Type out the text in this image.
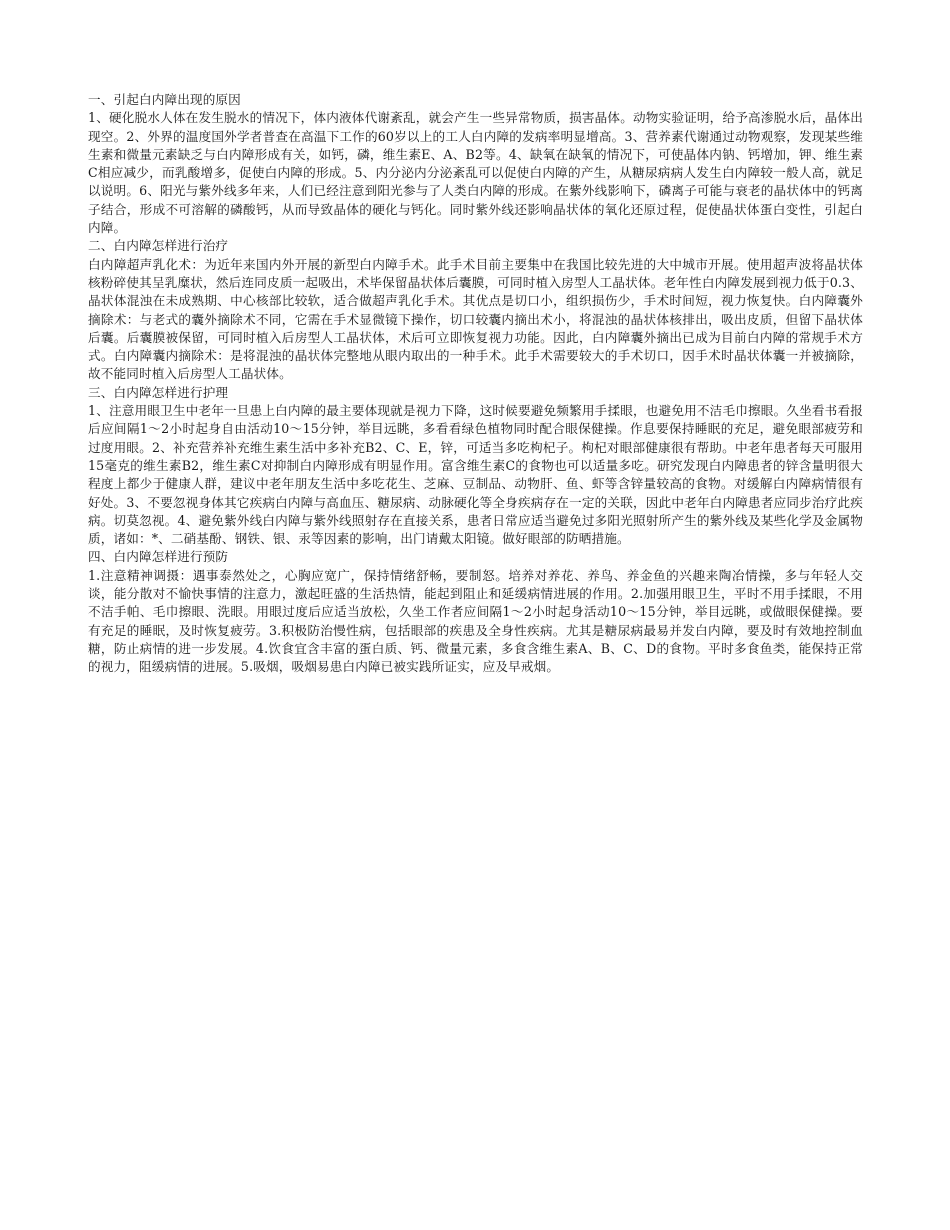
一、引起白内障出现的原因
1、硬化脱水人体在发生脱水的情况下，体内液体代谢紊乱，就会产生一些异常物质，损害晶体。动物实验证明，给予高渗脱水后，晶体出现空。2、外界的温度国外学者普查在高温下工作的60岁以上的工人白内障的发病率明显增高。3、营养素代谢通过动物观察，发现某些维生素和微量元素缺乏与白内障形成有关，如钙，磷，维生素E、A、B2等。4、缺氧在缺氧的情况下，可使晶体内钠、钙增加，钾、维生素C相应减少，而乳酸增多，促使白内障的形成。5、内分泌内分泌紊乱可以促使白内障的产生，从糖尿病病人发生白内障较一般人高，就足以说明。6、阳光与紫外线多年来，人们已经注意到阳光参与了人类白内障的形成。在紫外线影响下，磷离子可能与衰老的晶状体中的钙离子结合，形成不可溶解的磷酸钙，从而导致晶体的硬化与钙化。同时紫外线还影响晶状体的氧化还原过程，促使晶状体蛋白变性，引起白内障。
二、白内障怎样进行治疗
白内障超声乳化术：为近年来国内外开展的新型白内障手术。此手术目前主要集中在我国比较先进的大中城市开展。使用超声波将晶状体核粉碎使其呈乳糜状，然后连同皮质一起吸出，术毕保留晶状体后囊膜，可同时植入房型人工晶状体。老年性白内障发展到视力低于0.3、晶状体混浊在未成熟期、中心核部比较软，适合做超声乳化手术。其优点是切口小，组织损伤少，手术时间短，视力恢复快。白内障囊外摘除术：与老式的囊外摘除术不同，它需在手术显微镜下操作，切口较囊内摘出术小，将混浊的晶状体核排出，吸出皮质，但留下晶状体后囊。后囊膜被保留，可同时植入后房型人工晶状体，术后可立即恢复视力功能。因此，白内障囊外摘出已成为目前白内障的常规手术方式。白内障囊内摘除术：是将混浊的晶状体完整地从眼内取出的一种手术。此手术需要较大的手术切口，因手术时晶状体囊一并被摘除，故不能同时植入后房型人工晶状体。
三、白内障怎样进行护理
1、注意用眼卫生中老年一旦患上白内障的最主要体现就是视力下降，这时候要避免频繁用手揉眼，也避免用不洁毛巾擦眼。久坐看书看报后应间隔1～2小时起身自由活动10～15分钟，举目远眺，多看看绿色植物同时配合眼保健操。作息要保持睡眠的充足，避免眼部疲劳和过度用眼。2、补充营养补充维生素生活中多补充B2、C、E，锌，可适当多吃枸杞子。枸杞对眼部健康很有帮助。中老年患者每天可服用15毫克的维生素B2，维生素C对抑制白内障形成有明显作用。富含维生素C的食物也可以适量多吃。研究发现白内障患者的锌含量明很大程度上都少于健康人群，建议中老年朋友生活中多吃花生、芝麻、豆制品、动物肝、鱼、虾等含锌量较高的食物。对缓解白内障病情很有好处。3、不要忽视身体其它疾病白内障与高血压、糖尿病、动脉硬化等全身疾病存在一定的关联，因此中老年白内障患者应同步治疗此疾病。切莫忽视。4、避免紫外线白内障与紫外线照射存在直接关系，患者日常应适当避免过多阳光照射所产生的紫外线及某些化学及金属物质，诸如：*、二硝基酚、钢铁、银、汞等因素的影响，出门请戴太阳镜。做好眼部的防晒措施。
四、白内障怎样进行预防
1.注意精神调摄：遇事泰然处之，心胸应宽广，保持情绪舒畅，要制怒。培养对养花、养鸟、养金鱼的兴趣来陶冶情操，多与年轻人交谈，能分散对不愉快事情的注意力，激起旺盛的生活热情，能起到阻止和延缓病情进展的作用。2.加强用眼卫生，平时不用手揉眼，不用不洁手帕、毛巾擦眼、洗眼。用眼过度后应适当放松，久坐工作者应间隔1～2小时起身活动10～15分钟，举目远眺，或做眼保健操。要有充足的睡眠，及时恢复疲劳。3.积极防治慢性病，包括眼部的疾患及全身性疾病。尤其是糖尿病最易并发白内障，要及时有效地控制血糖，防止病情的进一步发展。4.饮食宜含丰富的蛋白质、钙、微量元素，多食含维生素A、B、C、D的食物。平时多食鱼类，能保持正常的视力，阻缓病情的进展。5.吸烟，吸烟易患白内障已被实践所证实，应及早戒烟。
